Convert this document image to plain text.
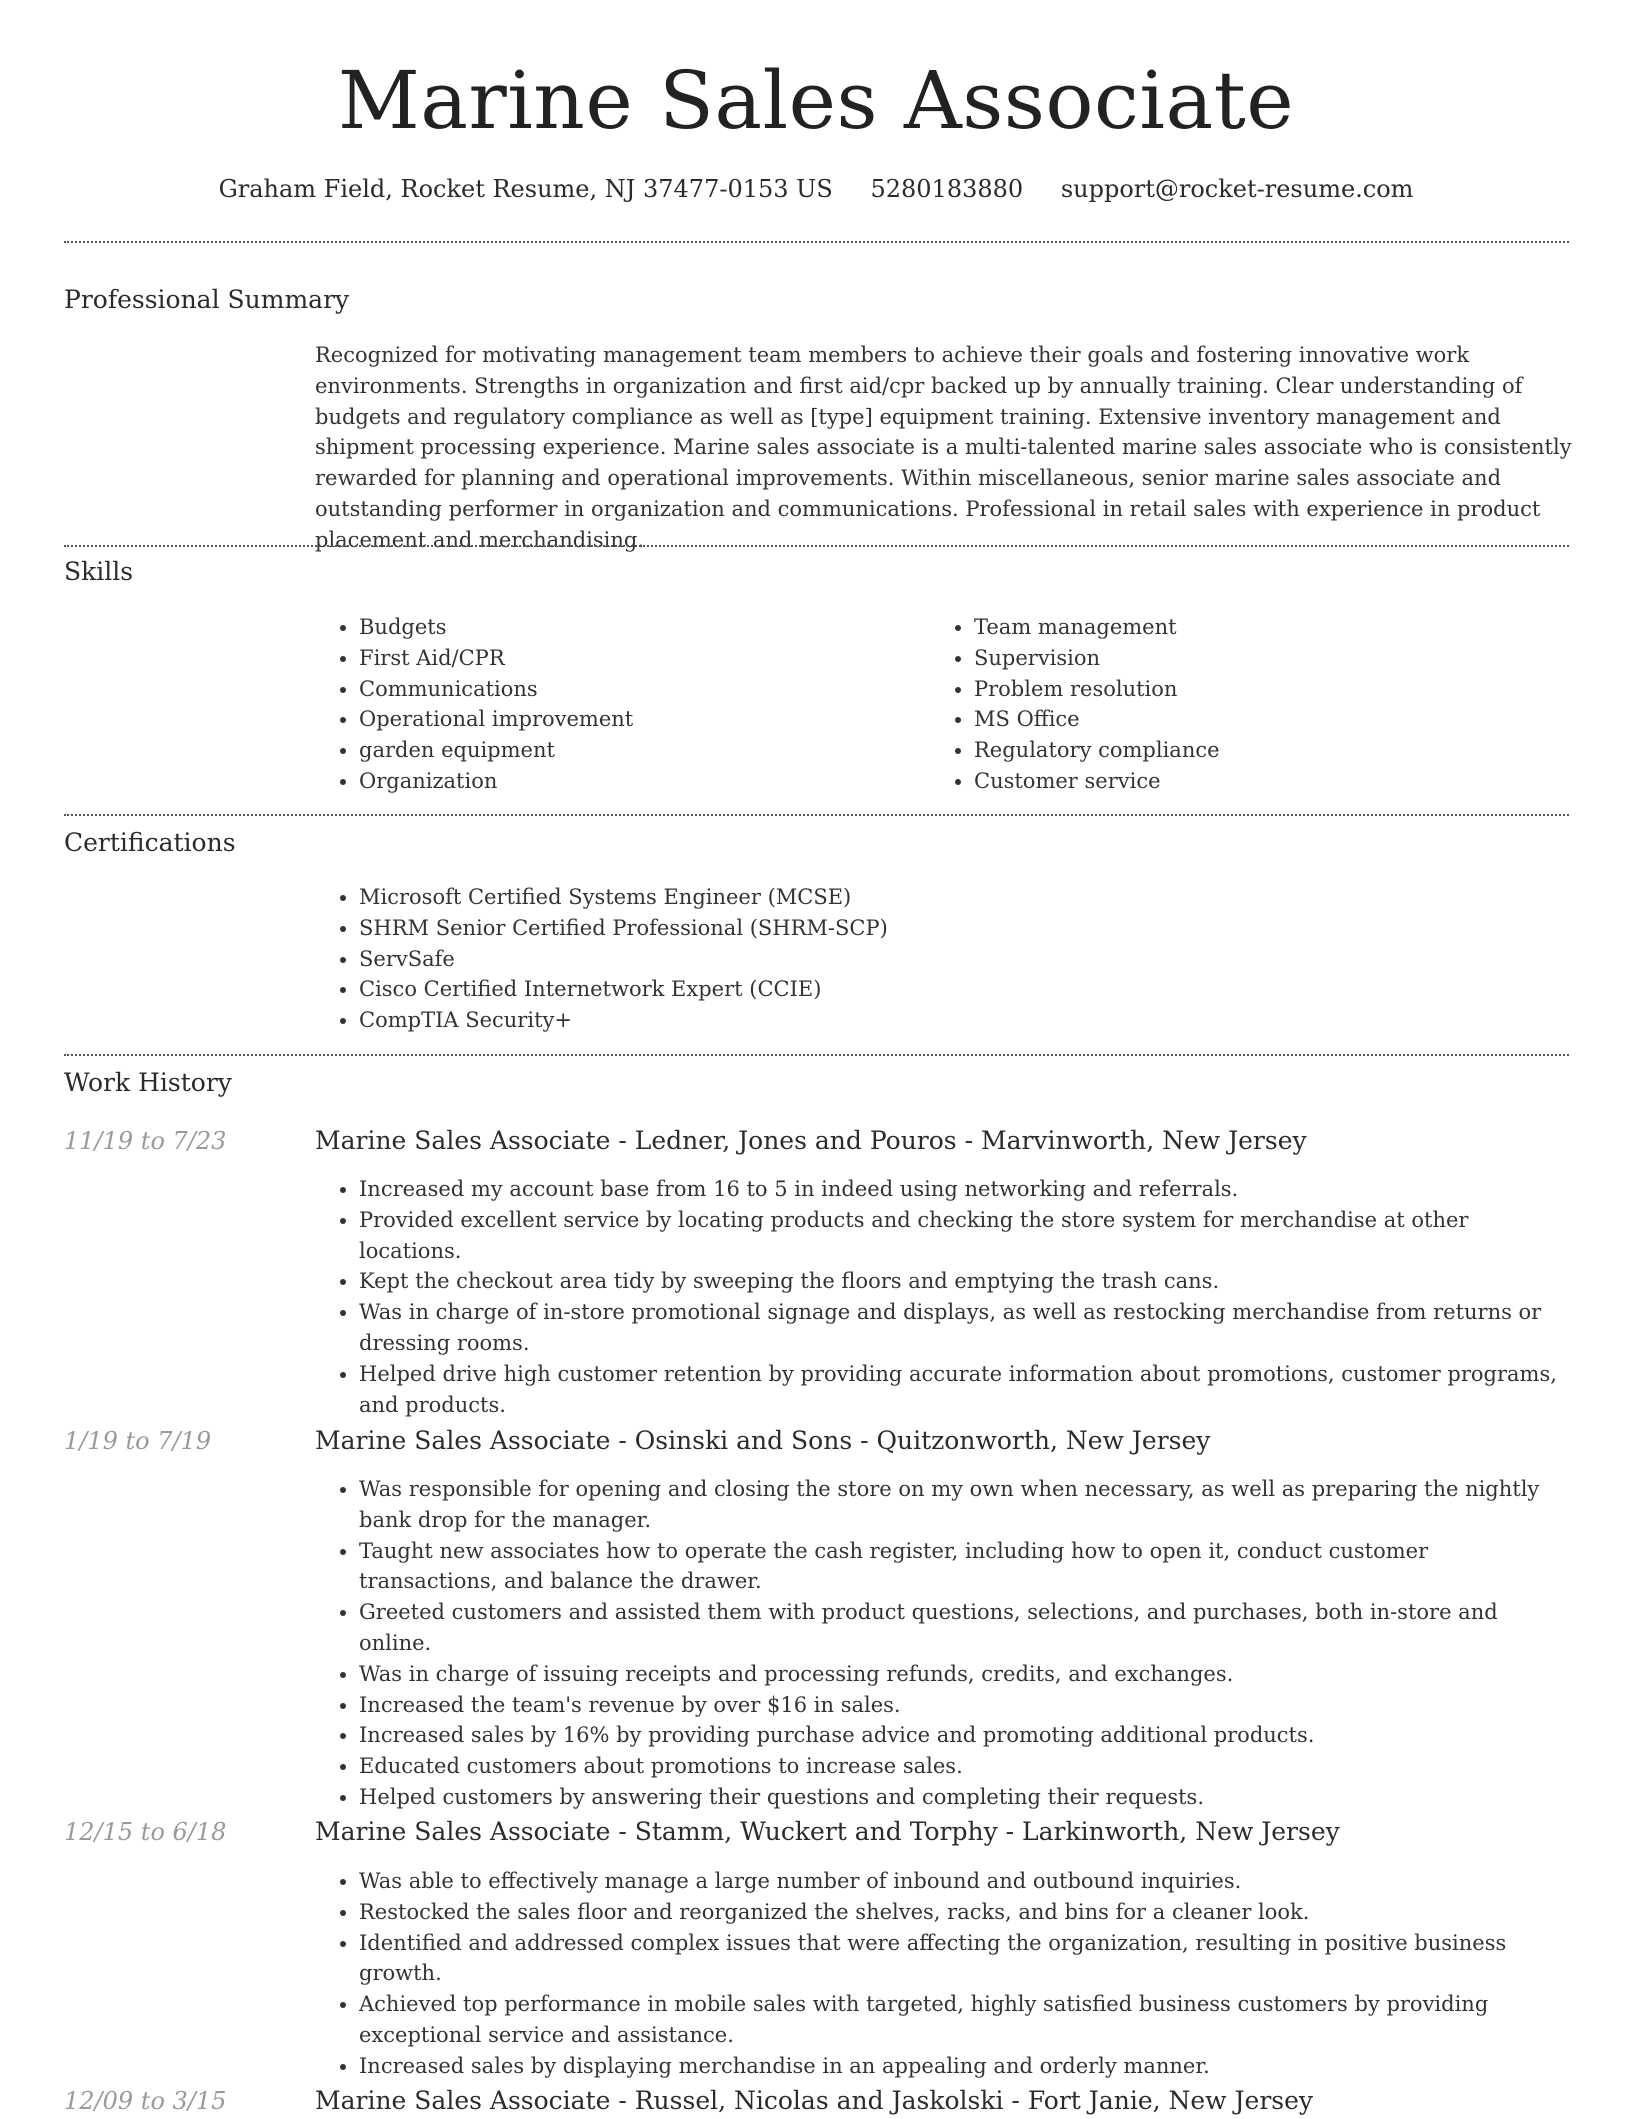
Marine Sales Associate
Graham Field, Rocket Resume, NJ 37477-0153 US 5280183880 support@rocket-resume.com
Professional Summary
Recognized for motivating management team members to achieve their goals and fostering innovative work environments. Strengths in organization and first aid/cpr backed up by annually training. Clear understanding of budgets and regulatory compliance as well as [type] equipment training. Extensive inventory management and shipment processing experience. Marine sales associate is a multi-talented marine sales associate who is consistently rewarded for planning and operational improvements. Within miscellaneous, senior marine sales associate and outstanding performer in organization and communications. Professional in retail sales with experience in product placement and merchandising.
Skills
• Budgets
• First Aid/CPR
• Communications
• Operational improvement
• garden equipment
• Organization
• Team management
• Supervision
• Problem resolution
• MS Office
• Regulatory compliance
• Customer service
Certifications
• Microsoft Certified Systems Engineer (MCSE)
• SHRM Senior Certified Professional (SHRM-SCP)
• ServSafe
• Cisco Certified Internetwork Expert (CCIE)
• CompTIA Security+
Work History
11/19 to 7/23	Marine Sales Associate - Ledner, Jones and Pouros - Marvinworth, New Jersey
• Increased my account base from 16 to 5 in indeed using networking and referrals.
• Provided excellent service by locating products and checking the store system for merchandise at other locations.
• Kept the checkout area tidy by sweeping the floors and emptying the trash cans.
• Was in charge of in-store promotional signage and displays, as well as restocking merchandise from returns or dressing rooms.
• Helped drive high customer retention by providing accurate information about promotions, customer programs, and products.
1/19 to 7/19	Marine Sales Associate - Osinski and Sons - Quitzonworth, New Jersey
• Was responsible for opening and closing the store on my own when necessary, as well as preparing the nightly bank drop for the manager.
• Taught new associates how to operate the cash register, including how to open it, conduct customer transactions, and balance the drawer.
• Greeted customers and assisted them with product questions, selections, and purchases, both in-store and online.
• Was in charge of issuing receipts and processing refunds, credits, and exchanges.
• Increased the team's revenue by over $16 in sales.
• Increased sales by 16% by providing purchase advice and promoting additional products.
• Educated customers about promotions to increase sales.
• Helped customers by answering their questions and completing their requests.
12/15 to 6/18	Marine Sales Associate - Stamm, Wuckert and Torphy - Larkinworth, New Jersey
• Was able to effectively manage a large number of inbound and outbound inquiries.
• Restocked the sales floor and reorganized the shelves, racks, and bins for a cleaner look.
• Identified and addressed complex issues that were affecting the organization, resulting in positive business growth.
• Achieved top performance in mobile sales with targeted, highly satisfied business customers by providing exceptional service and assistance.
• Increased sales by displaying merchandise in an appealing and orderly manner.
12/09 to 3/15	Marine Sales Associate - Russel, Nicolas and Jaskolski - Fort Janie, New Jersey
